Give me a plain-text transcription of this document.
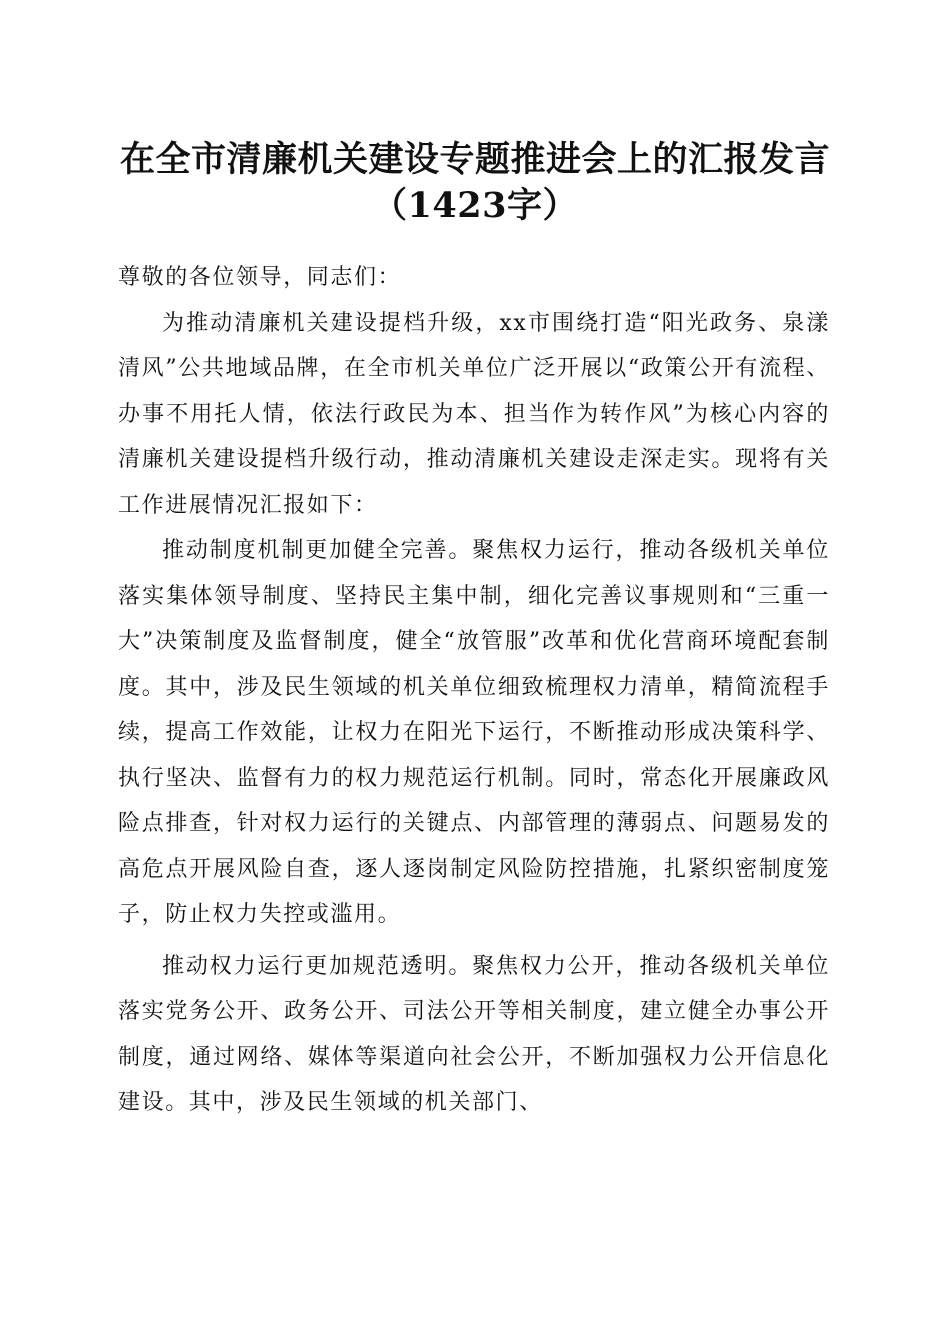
在全市清廉机关建设专题推进会上的汇报发言
（1423字）

尊敬的各位领导，同志们：

为推动清廉机关建设提档升级，xx市围绕打造“阳光政务、泉漾清风”公共地域品牌，在全市机关单位广泛开展以“政策公开有流程、办事不用托人情，依法行政民为本、担当作为转作风”为核心内容的清廉机关建设提档升级行动，推动清廉机关建设走深走实。现将有关工作进展情况汇报如下：

推动制度机制更加健全完善。聚焦权力运行，推动各级机关单位落实集体领导制度、坚持民主集中制，细化完善议事规则和“三重一大”决策制度及监督制度，健全“放管服”改革和优化营商环境配套制度。其中，涉及民生领域的机关单位细致梳理权力清单，精简流程手续，提高工作效能，让权力在阳光下运行，不断推动形成决策科学、执行坚决、监督有力的权力规范运行机制。同时，常态化开展廉政风险点排查，针对权力运行的关键点、内部管理的薄弱点、问题易发的高危点开展风险自查，逐人逐岗制定风险防控措施，扎紧织密制度笼子，防止权力失控或滥用。

推动权力运行更加规范透明。聚焦权力公开，推动各级机关单位落实党务公开、政务公开、司法公开等相关制度，建立健全办事公开制度，通过网络、媒体等渠道向社会公开，不断加强权力公开信息化建设。其中，涉及民生领域的机关部门、
